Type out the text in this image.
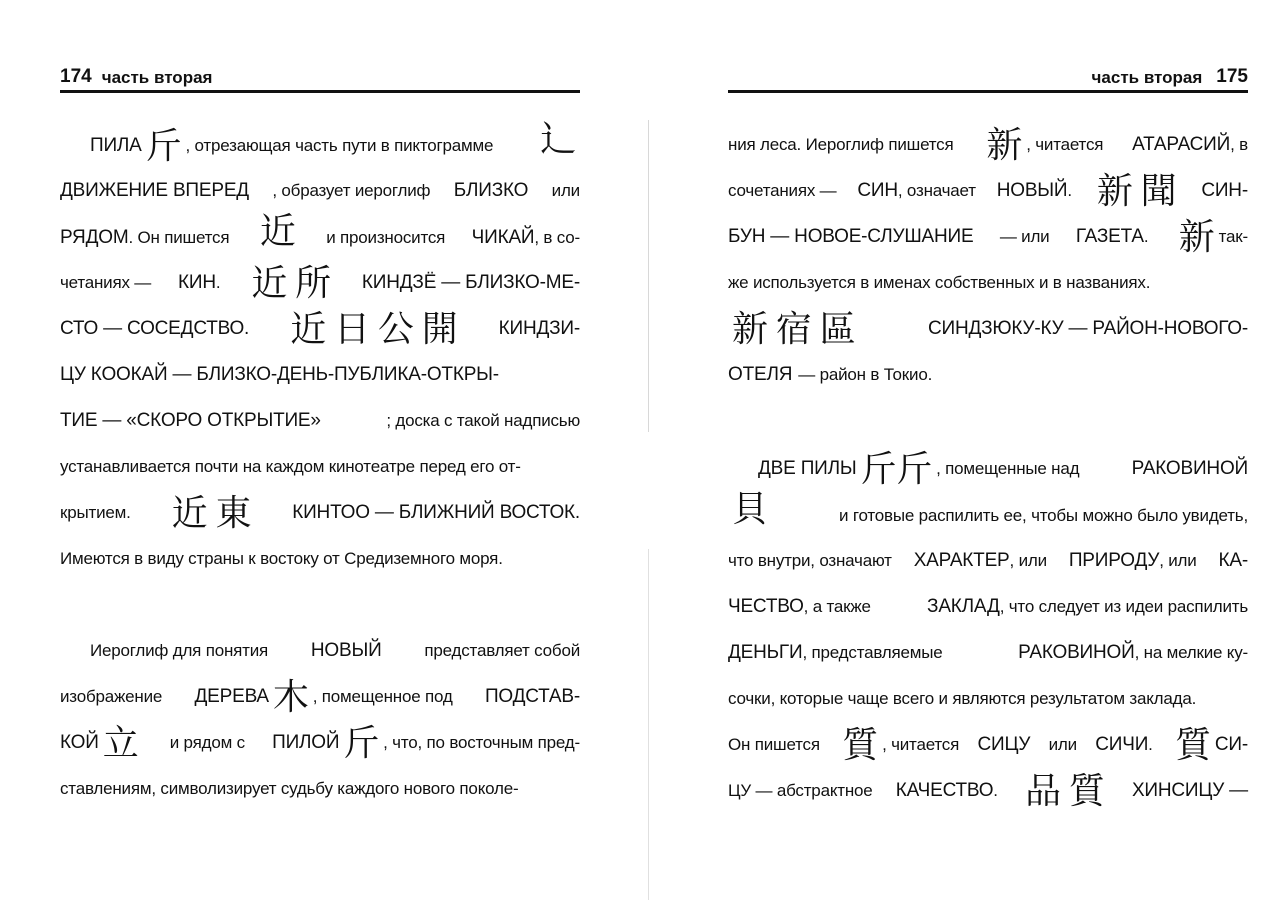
174 часть вторая
ПИЛА 斤 , отрезающая часть пути в пиктограмме 辶
ДВИЖЕНИЕ ВПЕРЕД , образует иероглиф БЛИЗКО или
РЯДОМ. Он пишется 近 и произносится ЧИКАЙ, в со-
четаниях — КИН. 近 所 КИНДЗЁ — БЛИЗКО-МЕ-
СТО — СОСЕДСТВО. 近 日 公 開 КИНДЗИ-
ЦУ КООКАЙ — БЛИЗКО-ДЕНЬ-ПУБЛИКА-ОТКРЫ-
ТИЕ — «СКОРО ОТКРЫТИЕ»	; доска с такой надписью
устанавливается почти на каждом кинотеатре перед его от-
крытием. 近 東 КИНТОО — БЛИЖНИЙ ВОСТОК.
Имеются в виду страны к востоку от Средиземного моря.
Иероглиф для понятия НОВЫЙ	представляет собой
изображение ДЕРЕВА 木 , помещенное под ПОДСТАВ-
КОЙ 立 и рядом с ПИЛОЙ 斤 , что, по восточным пред-
ставлениям, символизирует судьбу каждого нового поколе-
часть вторая 175
ния леса. Иероглиф пишется 新 , читается АТАРАСИЙ, в
сочетаниях — СИН, означает НОВЫЙ. 新 聞 СИН-
БУН — НОВОЕ-СЛУШАНИЕ — или ГАЗЕТА. 新так-
же используется в именах собственных и в названиях.
新 宿 區	СИНДЗЮКУ-КУ — РАЙОН-НОВОГО-
ОТЕЛЯ — район в Токио.
ДВЕ ПИЛЫ 斤斤 , помещенные над	РАКОВИНОЙ
貝	и готовые распилить ее, чтобы можно было увидеть,
что внутри, означают ХАРАКТЕР, или ПРИРОДУ, или КА-
ЧЕСТВО, а также	ЗАКЛАД, что следует из идеи распилить
ДЕНЬГИ, представляемые	РАКОВИНОЙ, на мелкие ку-
сочки, которые чаще всего и являются результатом заклада.
Он пишется 質 , читается СИЦУ или СИЧИ. 質СИ-
ЦУ — абстрактное КАЧЕСТВО. 品 質 ХИНСИЦУ —
